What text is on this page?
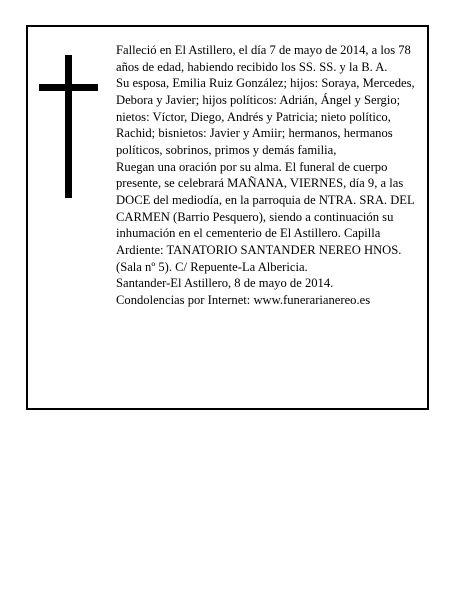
Falleció en El Astillero, el día 7 de mayo de 2014, a los 78 años de edad, habiendo recibido los SS. SS. y la B. A.

Su esposa, Emilia Ruiz González; hijos: Soraya, Mercedes, Debora y Javier; hijos políticos: Adrián, Ángel y Sergio; nietos: Víctor, Diego, Andrés y Patricia; nieto político, Rachid; bisnietos: Javier y Amiir; hermanos, hermanos políticos, sobrinos, primos y demás familia,

Ruegan una oración por su alma. El funeral de cuerpo presente, se celebrará MAÑANA, VIERNES, día 9, a las DOCE del mediodía, en la parroquia de NTRA. SRA. DEL CARMEN (Barrio Pesquero), siendo a continuación su inhumación en el cementerio de El Astillero. Capilla Ardiente: TANATORIO SANTANDER NEREO HNOS. (Sala nº 5). C/ Repuente-La Albericia.

Santander-El Astillero, 8 de mayo de 2014.

Condolencias por Internet: www.funerarianereo.es
